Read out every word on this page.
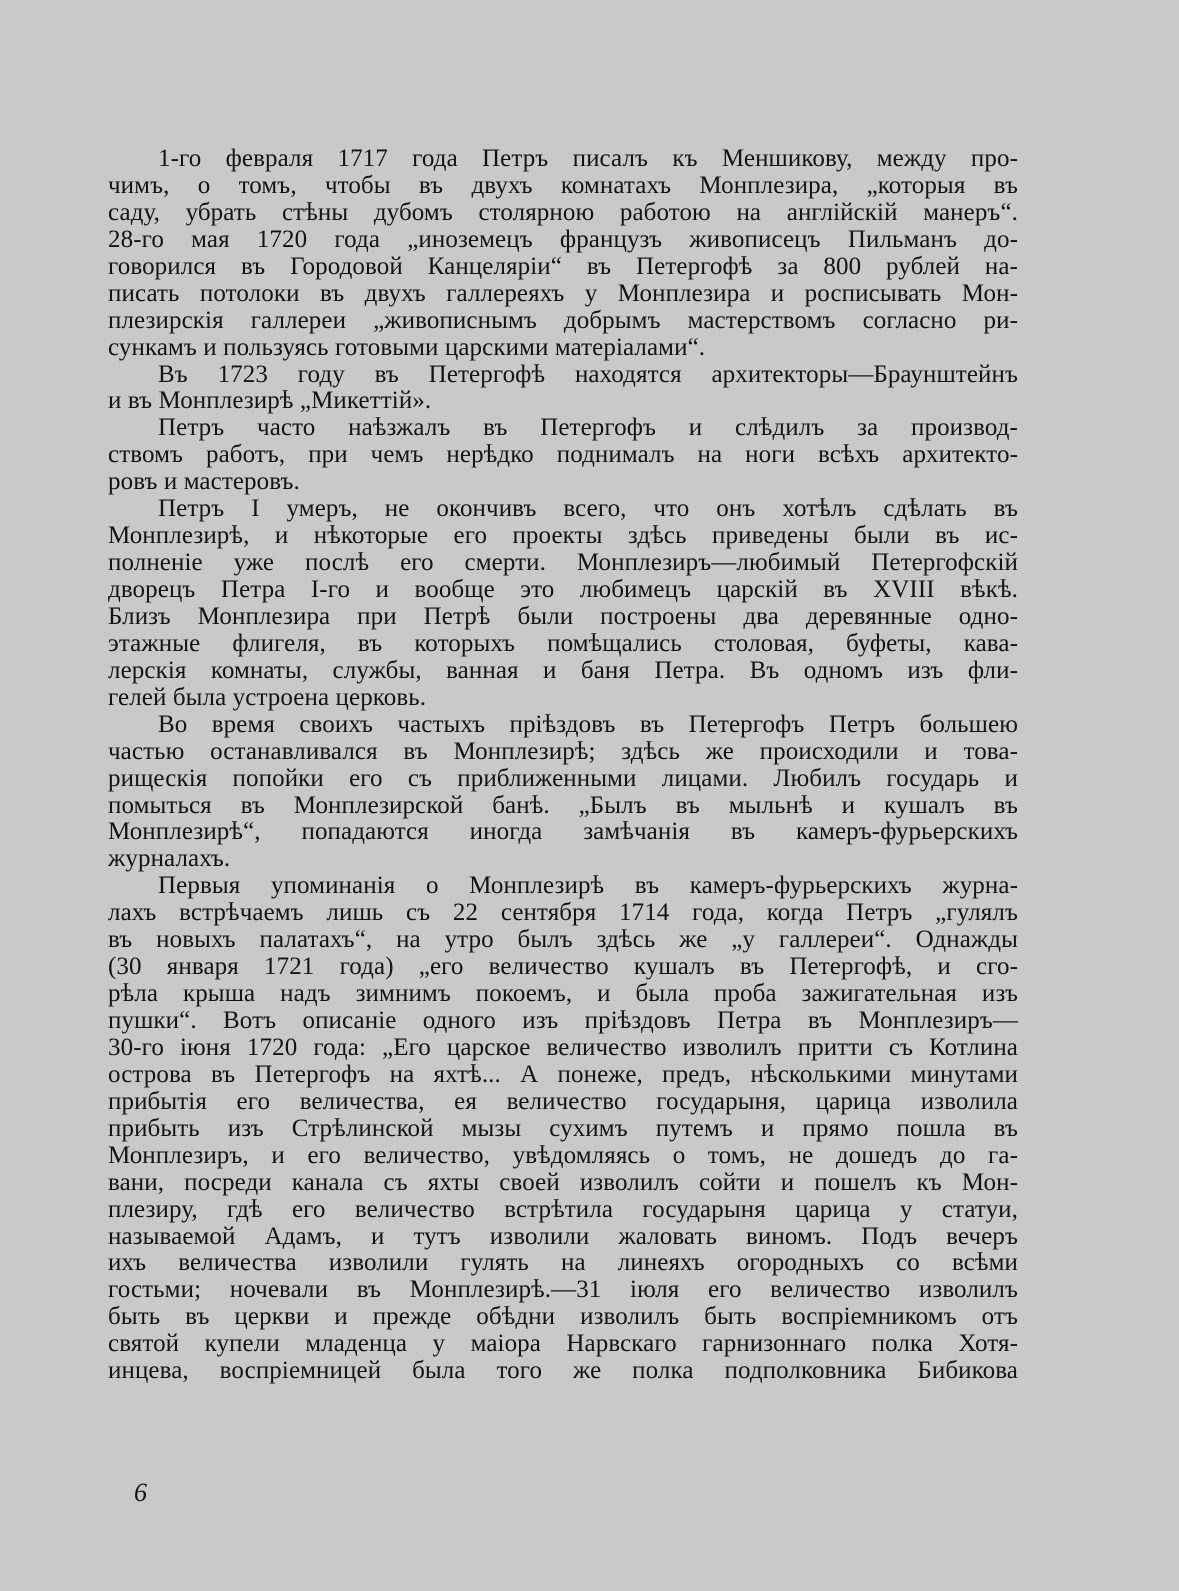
1-го февраля 1717 года Петръ писалъ къ Меншикову, между про-
чимъ, о томъ, чтобы въ двухъ комнатахъ Монплезира, „которыя въ
саду, убрать стѣны дубомъ столярною работою на англійскій манеръ“.
28-го мая 1720 года „иноземецъ французъ живописецъ Пильманъ до-
говорился въ Городовой Канцеляріи“ въ Петергофѣ за 800 рублей на-
писать потолоки въ двухъ галлереяхъ у Монплезира и росписывать Мон-
плезирскія галлереи „живописнымъ добрымъ мастерствомъ согласно ри-
сункамъ и пользуясь готовыми царскими матеріалами“.
Въ 1723 году въ Петергофѣ находятся архитекторы—Браунштейнъ
и въ Монплезирѣ „Микеттій».
Петръ часто наѣзжалъ въ Петергофъ и слѣдилъ за производ-
ствомъ работъ, при чемъ нерѣдко поднималъ на ноги всѣхъ архитекто-
ровъ и мастеровъ.
Петръ I умеръ, не окончивъ всего, что онъ хотѣлъ сдѣлать въ
Монплезирѣ, и нѣкоторые его проекты здѣсь приведены были въ ис-
полненіе уже послѣ его смерти. Монплезиръ—любимый Петергофскій
дворецъ Петра I-го и вообще это любимецъ царскій въ XVIII вѣкѣ.
Близъ Монплезира при Петрѣ были построены два деревянные одно-
этажные флигеля, въ которыхъ помѣщались столовая, буфеты, кава-
лерскія комнаты, службы, ванная и баня Петра. Въ одномъ изъ фли-
гелей была устроена церковь.
Во время своихъ частыхъ пріѣздовъ въ Петергофъ Петръ большею
частью останавливался въ Монплезирѣ; здѣсь же происходили и това-
рищескія попойки его съ приближенными лицами. Любилъ государь и
помыться въ Монплезирской банѣ. „Былъ въ мыльнѣ и кушалъ въ
Монплезирѣ“, попадаются иногда замѣчанія въ камеръ-фурьерскихъ
журналахъ.
Первыя упоминанія о Монплезирѣ въ камеръ-фурьерскихъ журна-
лахъ встрѣчаемъ лишь съ 22 сентября 1714 года, когда Петръ „гулялъ
въ новыхъ палатахъ“, на утро былъ здѣсь же „у галлереи“. Однажды
(30 января 1721 года) „его величество кушалъ въ Петергофѣ, и сго-
рѣла крыша надъ зимнимъ покоемъ, и была проба зажигательная изъ
пушки“. Вотъ описаніе одного изъ пріѣздовъ Петра въ Монплезиръ—
30-го іюня 1720 года: „Его царское величество изволилъ притти съ Котлина
острова въ Петергофъ на яхтѣ... А понеже, предъ, нѣсколькими минутами
прибытія его величества, ея величество государыня, царица изволила
прибыть изъ Стрѣлинской мызы сухимъ путемъ и прямо пошла въ
Монплезиръ, и его величество, увѣдомляясь о томъ, не дошедъ до га-
вани, посреди канала съ яхты своей изволилъ сойти и пошелъ къ Мон-
плезиру, гдѣ его величество встрѣтила государыня царица у статуи,
называемой Адамъ, и тутъ изволили жаловать виномъ. Подъ вечеръ
ихъ величества изволили гулять на линеяхъ огородныхъ со всѣми
гостьми; ночевали въ Монплезирѣ.—31 іюля его величество изволилъ
быть въ церкви и прежде обѣдни изволилъ быть воспріемникомъ отъ
святой купели младенца у маіора Нарвскаго гарнизоннаго полка Хотя-
инцева, воспріемницей была того же полка подполковника Бибикова
6
